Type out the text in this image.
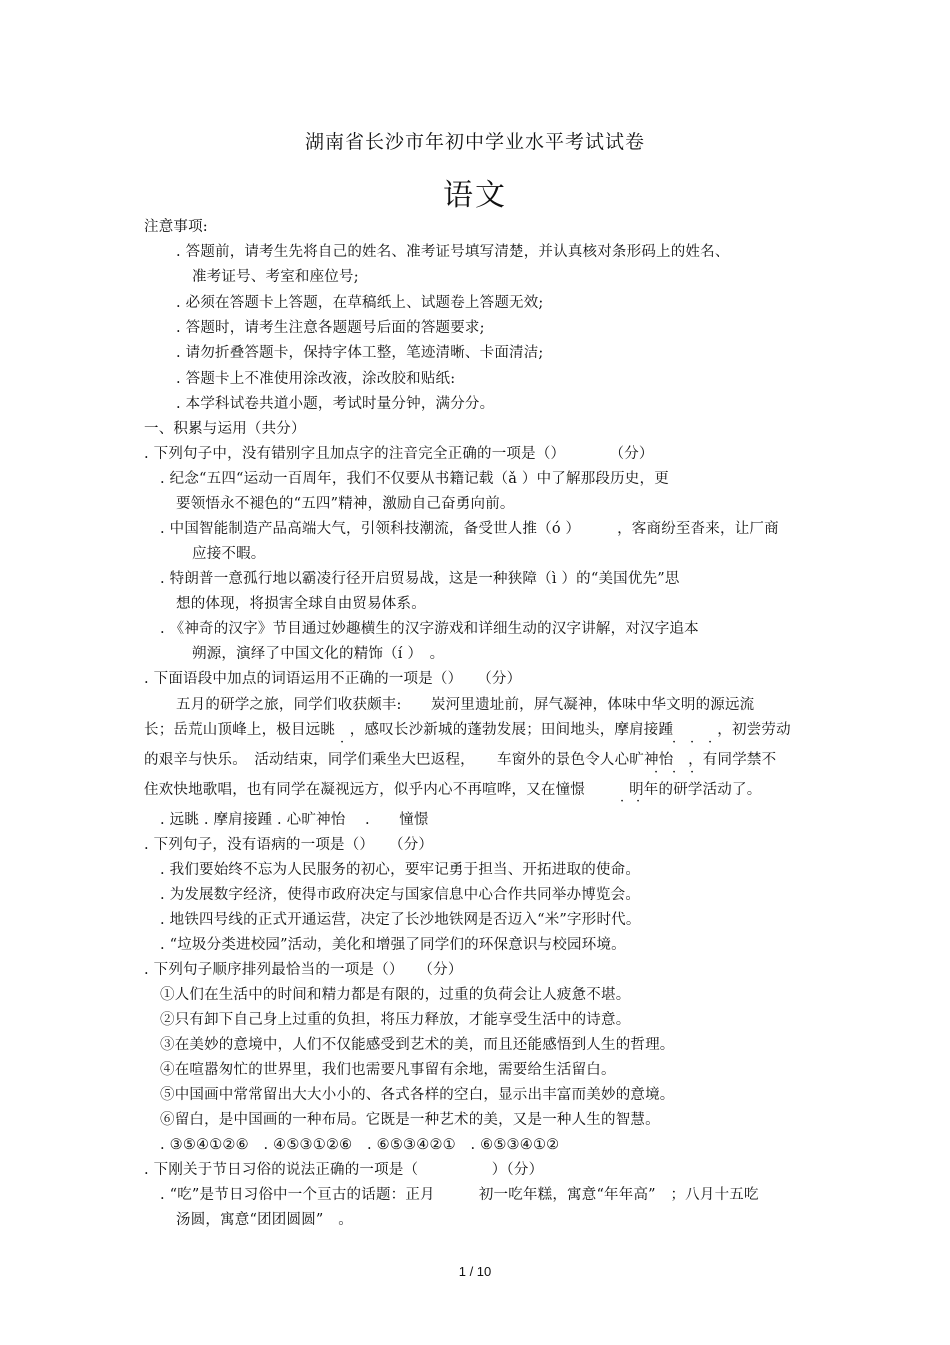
湖南省长沙市年初中学业水平考试试卷
语文
注意事项:
. 答题前，请考生先将自己的姓名、准考证号填写清楚，并认真核对条形码上的姓名、
准考证号、考室和座位号;
. 必须在答题卡上答题，在草稿纸上、试题卷上答题无效;
. 答题时，请考生注意各题题号后面的答题要求;
. 请勿折叠答题卡，保持字体工整，笔迹清晰、卡面清洁;
. 答题卡上不准使用涂改液，涂改胶和贴纸:
. 本学科试卷共道小题，考试时量分钟，满分分。
一、积累与运用（共分）
. 下列句子中，没有错别字且加点字的注音完全正确的一项是（）　　　　（分）
. 纪念“五四“运动一百周年，我们不仅要从书籍记载（ǎ ）中了解那段历史，更
要领悟永不褪色的“五四”精神，激励自己奋勇向前。
. 中国智能制造产品高端大气，引领科技潮流，备受世人推（ó ）　　　，客商纷至沓来，让厂商
应接不暇。
. 特朗普一意孤行地以霸凌行径开启贸易战，这是一种狭障（ì ）的“美国优先”思
想的体现，将损害全球自由贸易体系。
. 《神奇的汉字》节目通过妙趣横生的汉字游戏和详细生动的汉字讲解，对汉字追本
朔源，演绎了中国文化的精饰（í ）　。
. 下面语段中加点的词语运用不正确的一项是（）　　（分）
五月的研学之旅，同学们收获颇丰:　　炭河里遗址前，屏气凝神，体味中华文明的源远流
长；岳荒山顶峰上，极目远眺　，感叹长沙新城的蓬勃发展；田间地头，摩肩接踵　　　，初尝劳动
的艰辛与快乐。　活动结束，同学们乘坐大巴返程，　　车窗外的景色令人心旷神怡　，有同学禁不
住欢快地歌唱，也有同学在凝视远方，似乎内心不再喧哗，又在憧憬　　　明年的研学活动了。
·	· · ·
· · ·
· ·
. 远眺 . 摩肩接踵 . 心旷神怡　 .　　憧憬
. 下列句子，没有语病的一项是（）　　（分）
. 我们要始终不忘为人民服务的初心，要牢记勇于担当、开拓进取的使命。
. 为发展数字经济，使得市政府决定与国家信息中心合作共同举办博览会。
. 地铁四号线的正式开通运营，决定了长沙地铁网是否迈入“米”字形时代。
. “垃圾分类进校园”活动，美化和增强了同学们的环保意识与校园环境。
. 下列句子顺序排列最恰当的一项是（）　　（分）
①人们在生活中的时间和精力都是有限的，过重的负荷会让人疲惫不堪。
②只有卸下自己身上过重的负担，将压力释放，才能享受生活中的诗意。
③在美妙的意境中，人们不仅能感受到艺术的美，而且还能感悟到人生的哲理。
④在喧嚣匆忙的世界里，我们也需要凡事留有余地，需要给生活留白。
⑤中国画中常常留出大大小小的、各式各样的空白，显示出丰富而美妙的意境。
⑥留白，是中国画的一种布局。它既是一种艺术的美，又是一种人生的智慧。
. ③⑤④①②⑥　. ④⑤③①②⑥　. ⑥⑤③④②①　. ⑥⑤③④①②
. 下刚关于节日习俗的说法正确的一项是（　　　　　）（分）
. “吃”是节日习俗中一个亘古的话题：正月　　　初一吃年糕，寓意“年年高”　；八月十五吃
汤圆，寓意“团团圆圆”　。
1 / 10
